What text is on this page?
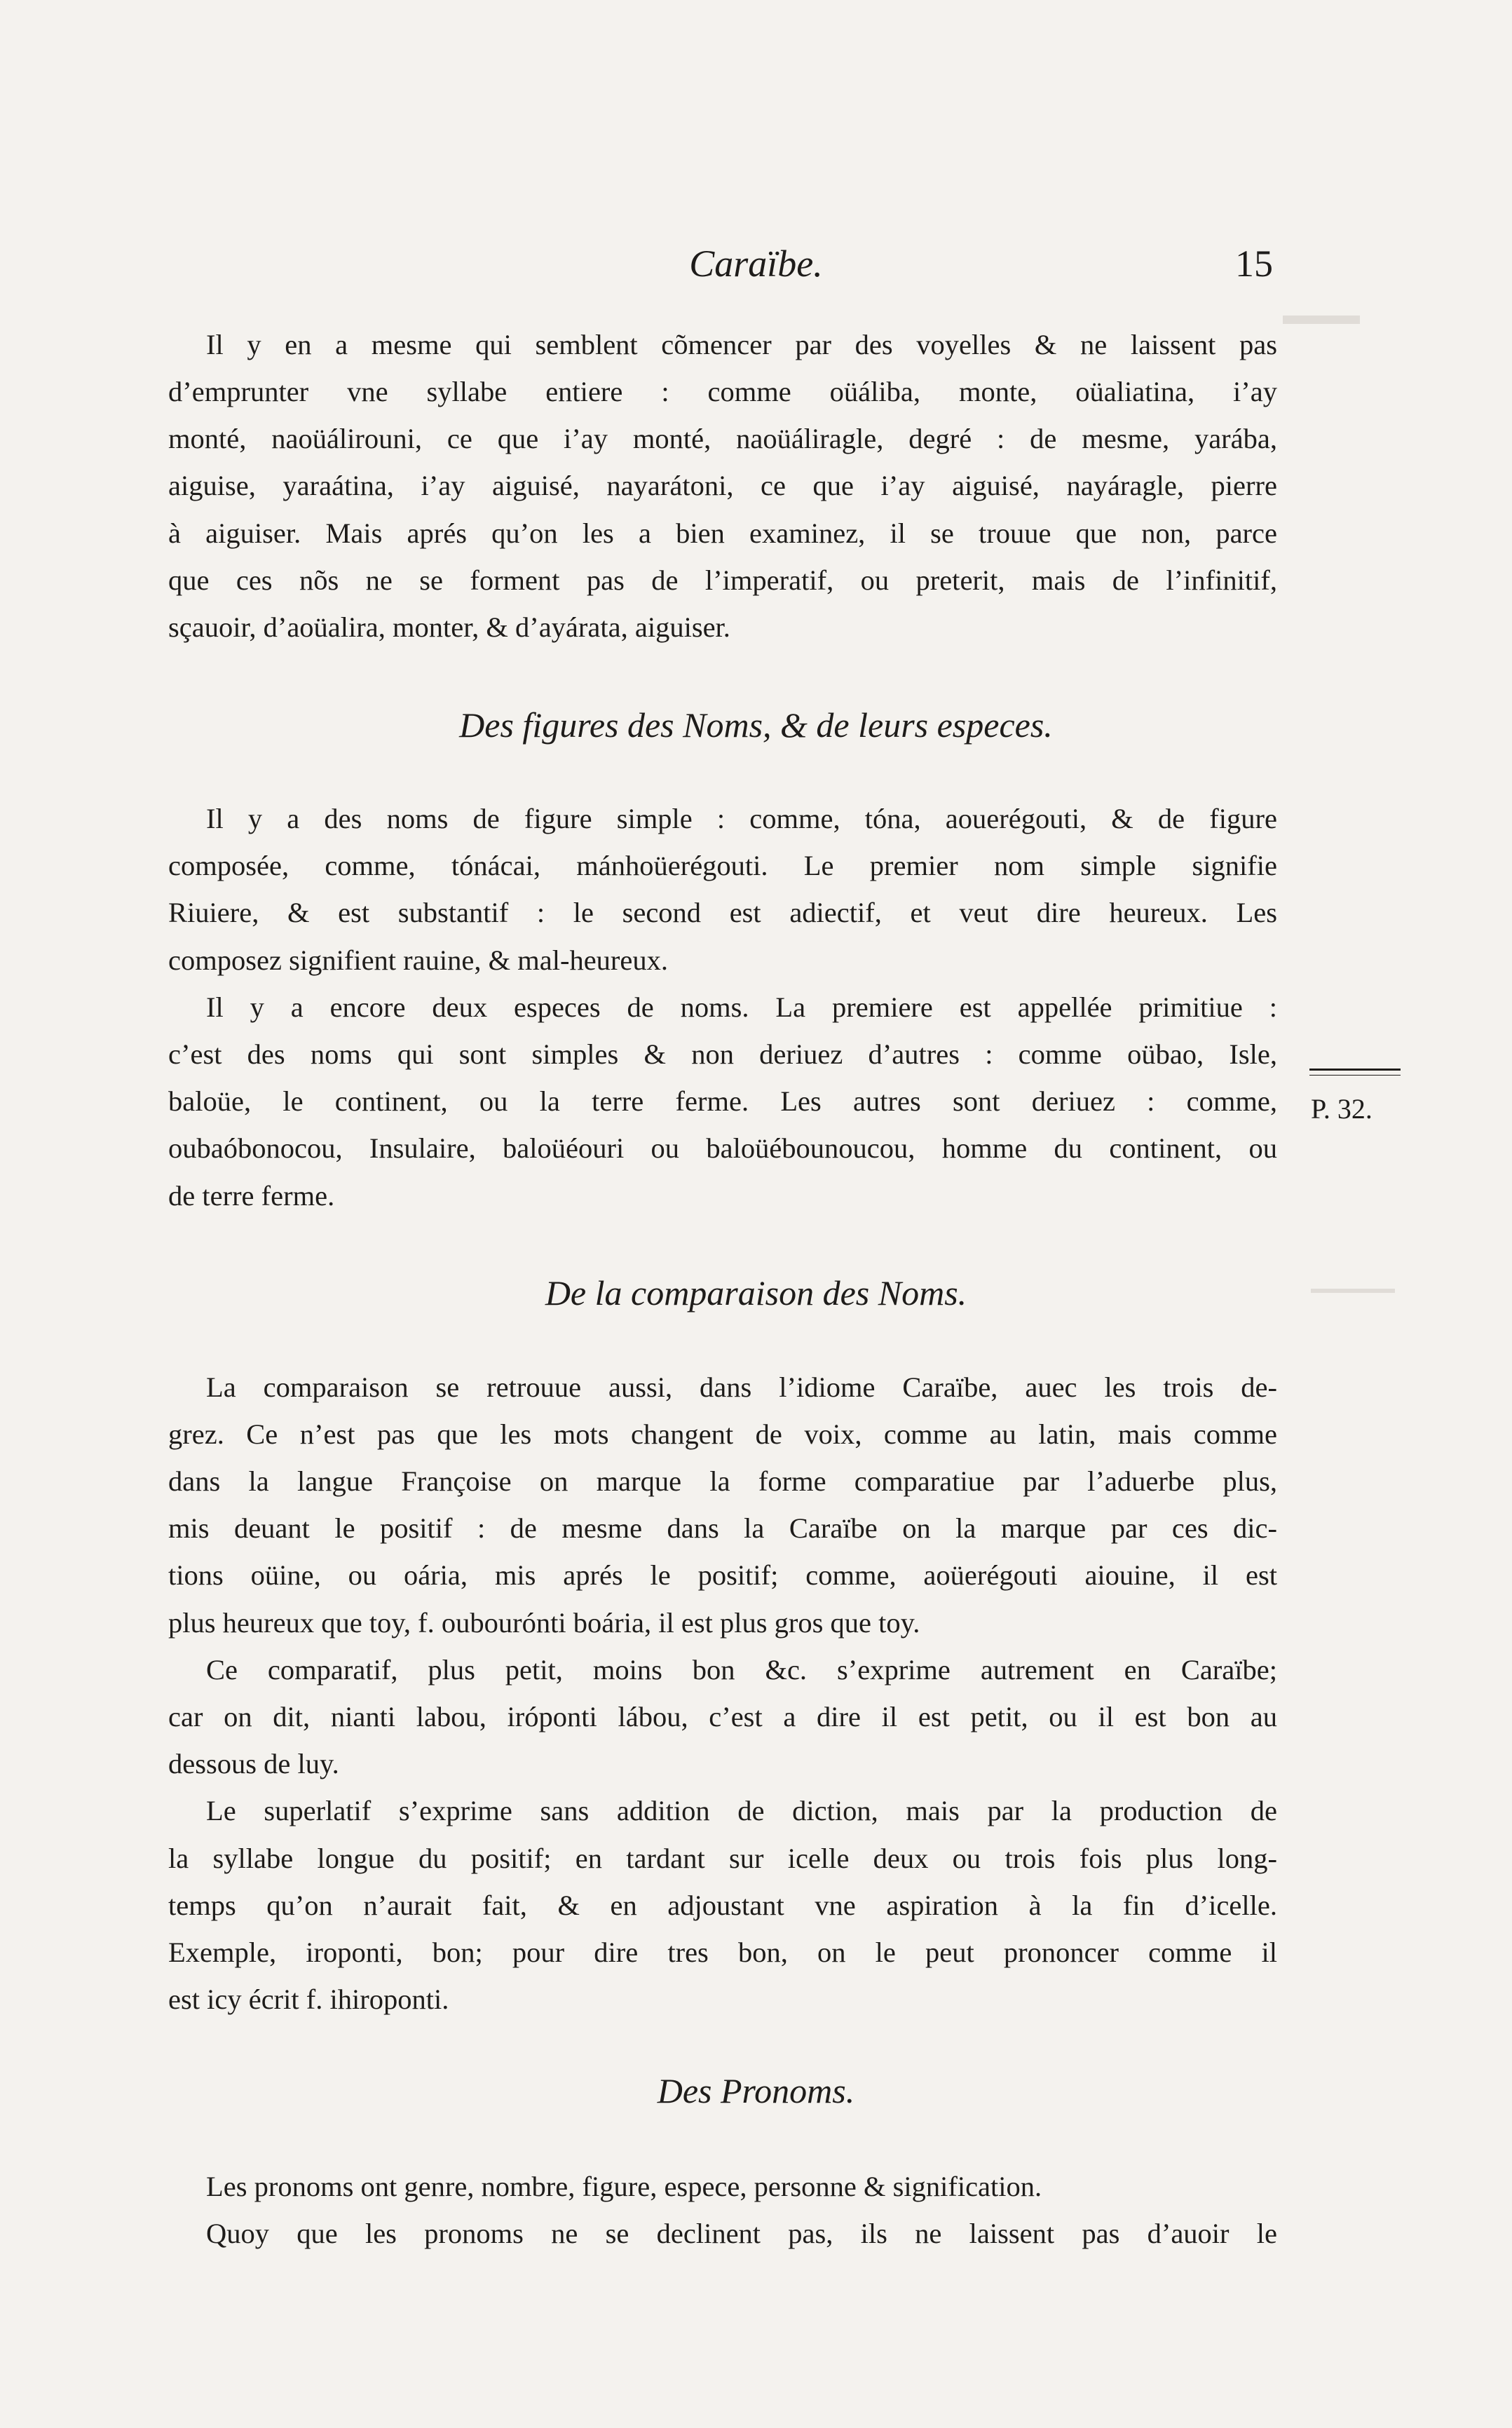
Caraïbe.	15
Il y en a mesme qui semblent cõmencer par des voyelles & ne laissent pas
d’emprunter vne syllabe entiere : comme oüáliba, monte, oüaliatina, i’ay
monté, naoüálirouni, ce que i’ay monté, naoüáliragle, degré : de mesme, yarába,
aiguise, yaraátina, i’ay aiguisé, nayarátoni, ce que i’ay aiguisé, nayáragle, pierre
à aiguiser. Mais aprés qu’on les a bien examinez, il se trouue que non, parce
que ces nõs ne se forment pas de l’imperatif, ou preterit, mais de l’infinitif,
sçauoir, d’aoüalira, monter, & d’ayárata, aiguiser.
Des figures des Noms, & de leurs especes.
Il y a des noms de figure simple : comme, tóna, aouerégouti, & de figure
composée, comme, tónácai, mánhoüerégouti. Le premier nom simple signifie
Riuiere, & est substantif : le second est adiectif, et veut dire heureux. Les
composez signifient rauine, & mal-heureux.
Il y a encore deux especes de noms. La premiere est appellée primitiue :
c’est des noms qui sont simples & non deriuez d’autres : comme oübao, Isle,
baloüe, le continent, ou la terre ferme. Les autres sont deriuez : comme,
oubaóbonocou, Insulaire, baloüéouri ou baloüébounoucou, homme du continent, ou
de terre ferme.
P. 32.
De la comparaison des Noms.
La comparaison se retrouue aussi, dans l’idiome Caraïbe, auec les trois de-
grez. Ce n’est pas que les mots changent de voix, comme au latin, mais comme
dans la langue Françoise on marque la forme comparatiue par l’aduerbe plus,
mis deuant le positif : de mesme dans la Caraïbe on la marque par ces dic-
tions oüine, ou oária, mis aprés le positif; comme, aoüerégouti aiouine, il est
plus heureux que toy, f. oubourónti boária, il est plus gros que toy.
Ce comparatif, plus petit, moins bon &c. s’exprime autrement en Caraïbe;
car on dit, nianti labou, iróponti lábou, c’est a dire il est petit, ou il est bon au
dessous de luy.
Le superlatif s’exprime sans addition de diction, mais par la production de
la syllabe longue du positif; en tardant sur icelle deux ou trois fois plus long-
temps qu’on n’aurait fait, & en adjoustant vne aspiration à la fin d’icelle.
Exemple, iroponti, bon; pour dire tres bon, on le peut prononcer comme il
est icy écrit f. ihiroponti.
Des Pronoms.
Les pronoms ont genre, nombre, figure, espece, personne & signification.
Quoy que les pronoms ne se declinent pas, ils ne laissent pas d’auoir le
